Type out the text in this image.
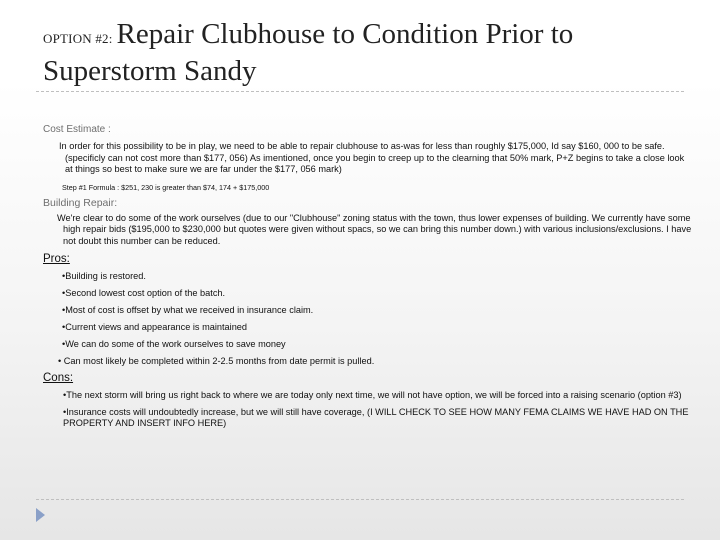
OPTION #2: Repair Clubhouse to Condition Prior to Superstorm Sandy
Cost Estimate :

In order for this possibility to be in play, we need to be able to repair clubhouse to as-was for less than roughly $175,000, Id say $160, 000 to be safe. (specificly can not cost more than $177, 056) As imentioned, once you begin to creep up to the clearning that 50% mark, P+Z begins to take a close look at things so best to make sure we are far under the $177, 056 mark)

Step #1 Formula : $251, 230 is greater than $74, 174 + $175,000
Building Repair:

We're clear to do some of the work ourselves (due to our "Clubhouse" zoning status with the town, thus lower expenses of building. We currently have some high repair bids ($195,000 to $230,000 but quotes were given without spacs, so we can bring this number down.) with various inclusions/exclusions. I have not doubt this number can be reduced.

Pros:
•Building is restored.
•Second lowest cost option of the batch.
•Most of cost is offset by what we received in insurance claim.
•Current views and appearance is maintained
•We can do some of the work ourselves to save money
• Can most likely be completed within 2-2.5 months from date permit is pulled.
Cons:
•The next storm will bring us right back to where we are today only next time, we will not have option, we will be forced into a raising scenario (option #3)
•Insurance costs will undoubtedly increase, but we will still have coverage, (I WILL CHECK TO SEE HOW MANY FEMA CLAIMS WE HAVE HAD ON THE PROPERTY AND INSERT INFO HERE)
